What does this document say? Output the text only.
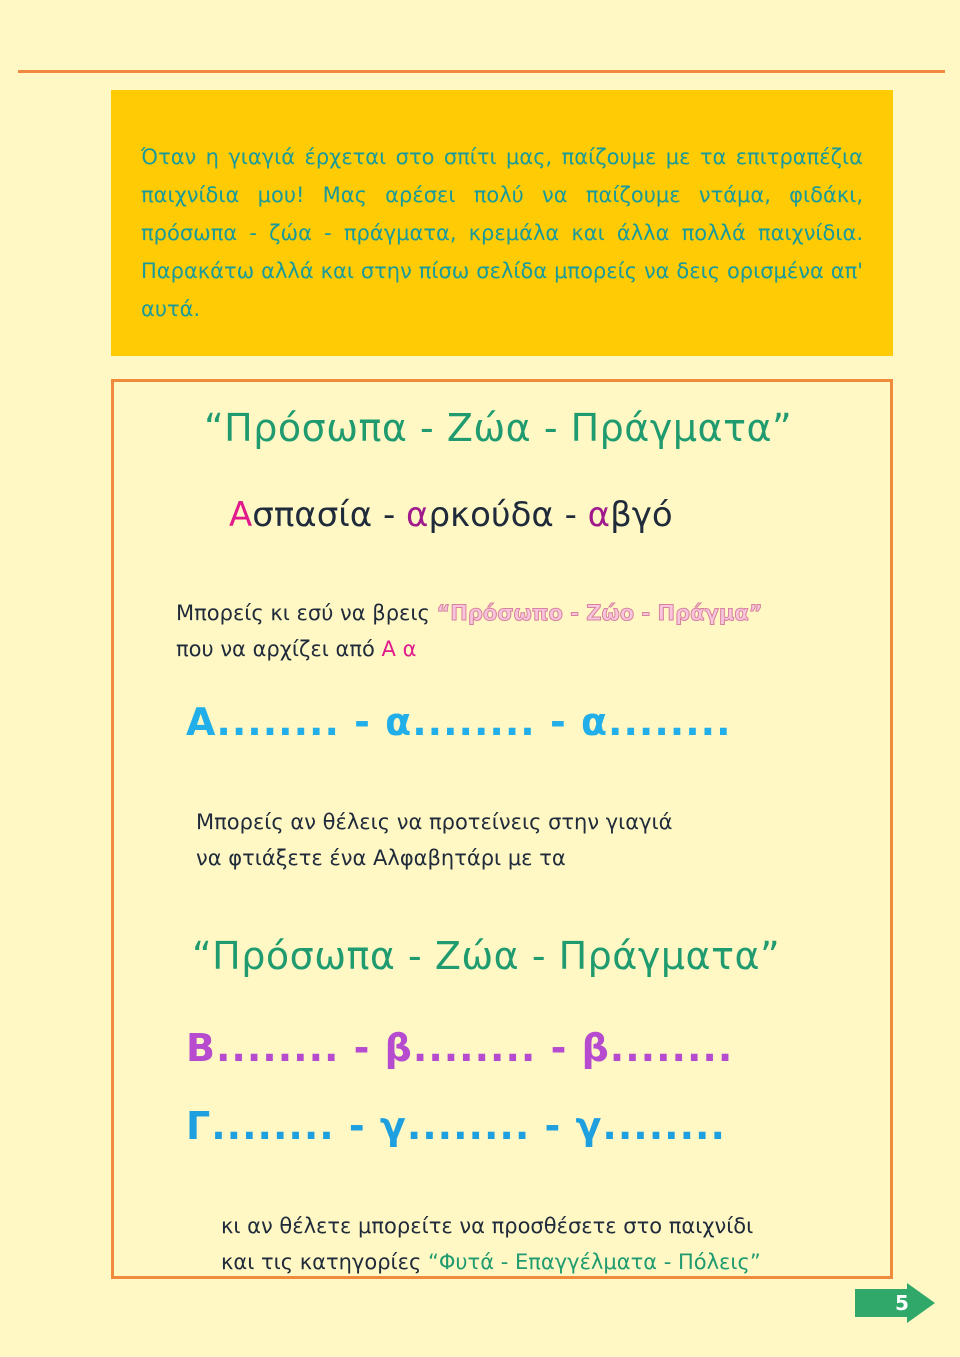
Όταν η γιαγιά έρχεται στο σπίτι μας, παίζουμε με τα επιτραπέζια παιχνίδια μου! Μας αρέσει πολύ να παίζουμε ντάμα, φιδάκι, πρόσωπα - ζώα - πράγματα, κρεμάλα και άλλα πολλά παιχνίδια. Παρακάτω αλλά και στην πίσω σελίδα μπορείς να δεις ορισμένα απ' αυτά.

“Πρόσωπα - Ζώα - Πράγματα”
Ασπασία - αρκούδα - αβγό
Μπορείς κι εσύ να βρεις “Πρόσωπο - Ζώο - Πράγμα”
που να αρχίζει από Α α
Α........ - α........ - α........
Μπορείς αν θέλεις να προτείνεις στην γιαγιά
να φτιάξετε ένα Αλφαβητάρι με τα
“Πρόσωπα - Ζώα - Πράγματα”
Β........ - β........ - β........
Γ........ - γ........ - γ........
κι αν θέλετε μπορείτε να προσθέσετε στο παιχνίδι
και τις κατηγορίες “Φυτά - Επαγγέλματα - Πόλεις”
5
